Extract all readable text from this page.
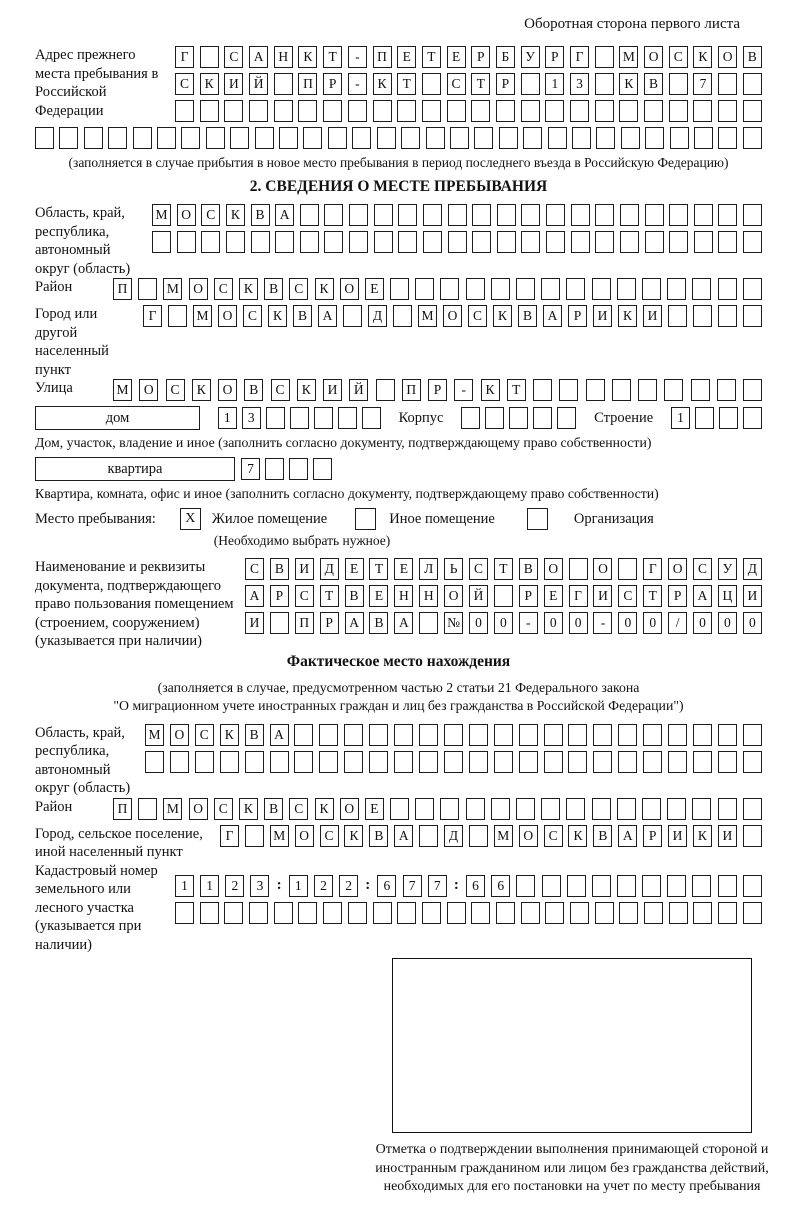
Оборотная сторона первого листа
Адрес прежнего места пребывания в Российской Федерации
Г	С	А	Н	К	Т	-	П	Е	Т	Е	Р	Б	У	Р	Г	М	О	С	К	О	В
С	К	И	Й	П	Р	-	К	Т	С	Т	Р	1	3	К	В	7
(заполняется в случае прибытия в новое место пребывания в период последнего въезда в Российскую Федерацию)
2. СВЕДЕНИЯ О МЕСТЕ ПРЕБЫВАНИЯ
Область, край, республика, автономный округ (область)
М	О	С	К	В	А
Район	П	М	О	С	К	В	С	К	О	Е
Город или другой населенный пункт
Г	М	О	С	К	В	А	Д	М	О	С	К	В	А	Р	И	К	И
Улица	М	О	С	К	О	В	С	К	И	Й	П	Р	-	К	Т
дом	1	3	Корпус	Строение	1
Дом, участок, владение и иное (заполнить согласно документу, подтверждающему право собственности)
квартира	7
Квартира, комната, офис и иное (заполнить согласно документу, подтверждающему право собственности)
Место пребывания:	X	Жилое помещение	Иное помещение	Организация
(Необходимо выбрать нужное)
Наименование и реквизиты документа, подтверждающего право пользования помещением (строением, сооружением) (указывается при наличии)
С	В	И	Д	Е	Т	Е	Л	Ь	С	Т	В	О	О	Г	О	С	У	Д
А	Р	С	Т	В	Е	Н	Н	О	Й	Р	Е	Г	И	С	Т	Р	А	Ц	И
И	П	Р	А	В	А	№	0	0	-	0	0	-	0	0	/	0	0	0
Фактическое место нахождения
(заполняется в случае, предусмотренном частью 2 статьи 21 Федерального закона
"О миграционном учете иностранных граждан и лиц без гражданства в Российской Федерации")
Область, край, республика, автономный округ (область)
М	О	С	К	В	А
Район	П	М	О	С	К	В	С	К	О	Е
Город, сельское поселение, иной населенный пункт
Г	М	О	С	К	В	А	Д	М	О	С	К	В	А	Р	И	К	И
Кадастровый номер земельного или лесного участка (указывается при наличии)
1	1	2	3 : 1	2	2 : 6	7	7 : 6	6
Отметка о подтверждении выполнения принимающей стороной и иностранным гражданином или лицом без гражданства действий, необходимых для его постановки на учет по месту пребывания
